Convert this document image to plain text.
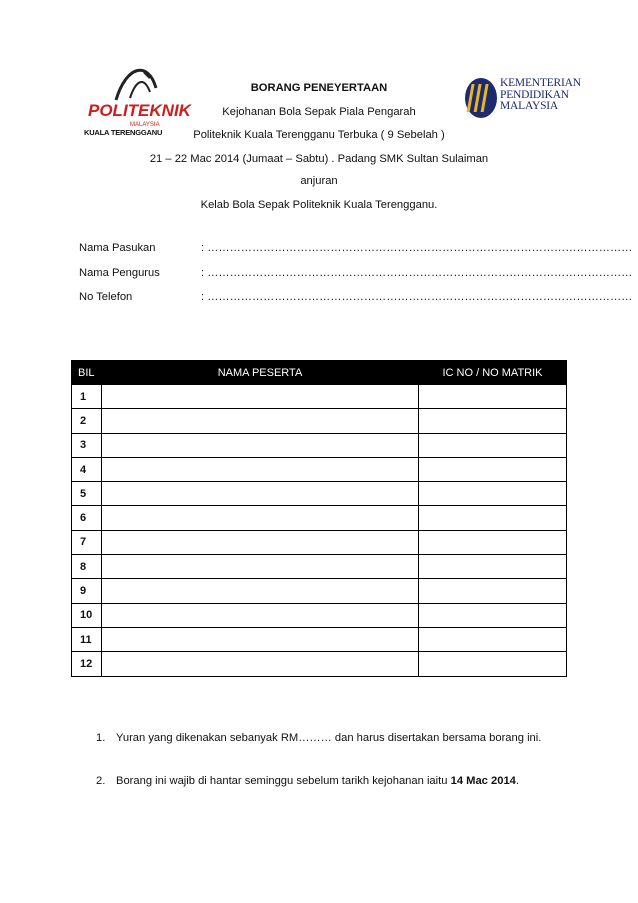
POLITEKNIK
MALAYSIA
KUALA TERENGGANU
KEMENTERIAN
PENDIDIKAN
MALAYSIA
BORANG PENEYERTAAN
Kejohanan Bola Sepak Piala Pengarah
Politeknik Kuala Terengganu Terbuka ( 9 Sebelah )
21 – 22 Mac 2014 (Jumaat – Sabtu) . Padang SMK Sultan Sulaiman
anjuran
Kelab Bola Sepak Politeknik Kuala Terengganu.
Nama Pasukan	: ……………………………………………………………………………………………………
Nama Pengurus	: ……………………………………………………………………………………………………
No Telefon	: ……………………………………………………………………………………………………
BIL	NAMA PESERTA	IC NO / NO MATRIK
1		
2		
3		
4		
5		
6		
7		
8		
9		
10		
11		
12		
1. Yuran yang dikenakan sebanyak RM……… dan harus disertakan bersama borang ini.
2. Borang ini wajib di hantar seminggu sebelum tarikh kejohanan iaitu 14 Mac 2014.
